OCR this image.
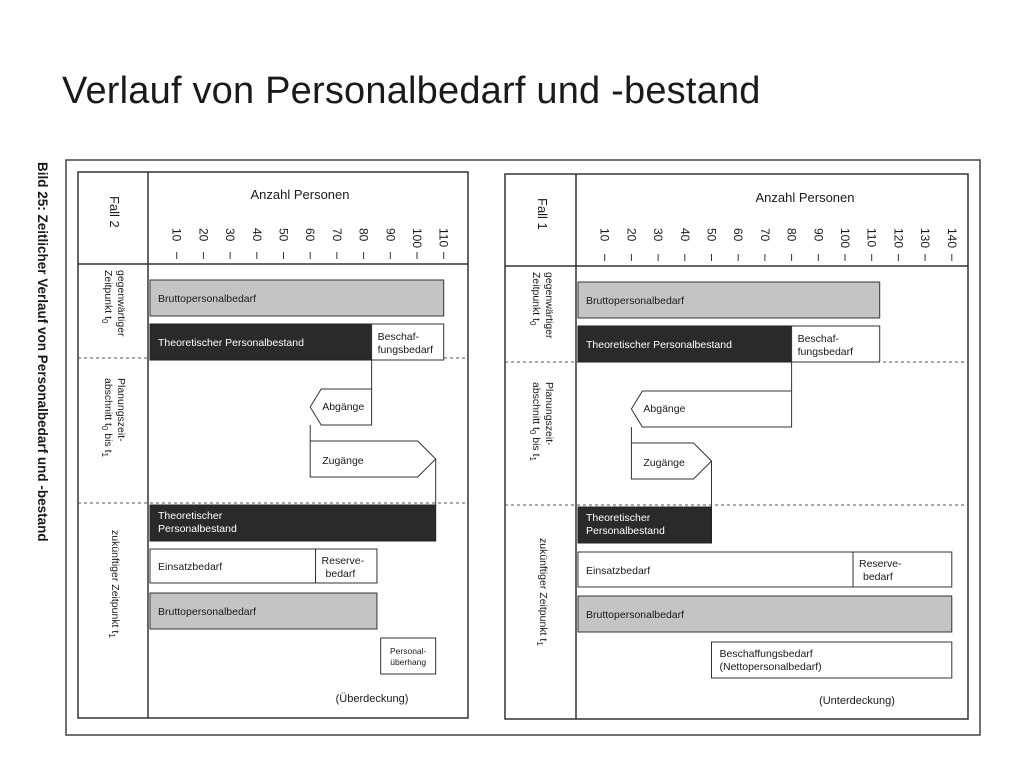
Verlauf von Personalbedarf und -bestand
Bild 25: Zeitlicher Verlauf von Personalbedarf und -bestand	Fall 2
Anzahl Personen
10 20 30 40 50 60 70 80 90 100 110
gegenwärtiger
Zeitpunkt $t_0$
Planungszeit-
abschnitt $t_0$ bis $t_1$
zukünftiger Zeitpunkt $t_1$
Bruttopersonalbedarf
Theoretischer Personalbestand	Beschaf-
fungsbedarf
Abgänge
Zugänge
Theoretischer
Personalbestand
Einsatzbedarf	Reserve-
bedarf
Bruttopersonalbedarf
Personal-
überhang
(Überdeckung)
Fall 1
Anzahl Personen
10 20 30 40 50 60 70 80 90 100 110 120 130 140
gegenwärtiger
Zeitpunkt $t_0$
Planungszeit-
abschnitt $t_0$ bis $t_1$
zukünftiger Zeitpunkt $t_1$
Bruttopersonalbedarf
Theoretischer Personalbestand	Beschaf-
fungsbedarf
Abgänge
Zugänge
Theoretischer
Personalbestand
Einsatzbedarf
Reserve-
bedarf
Bruttopersonalbedarf
Beschaffungsbedarf
(Nettopersonalbedarf)
(Unterdeckung)
